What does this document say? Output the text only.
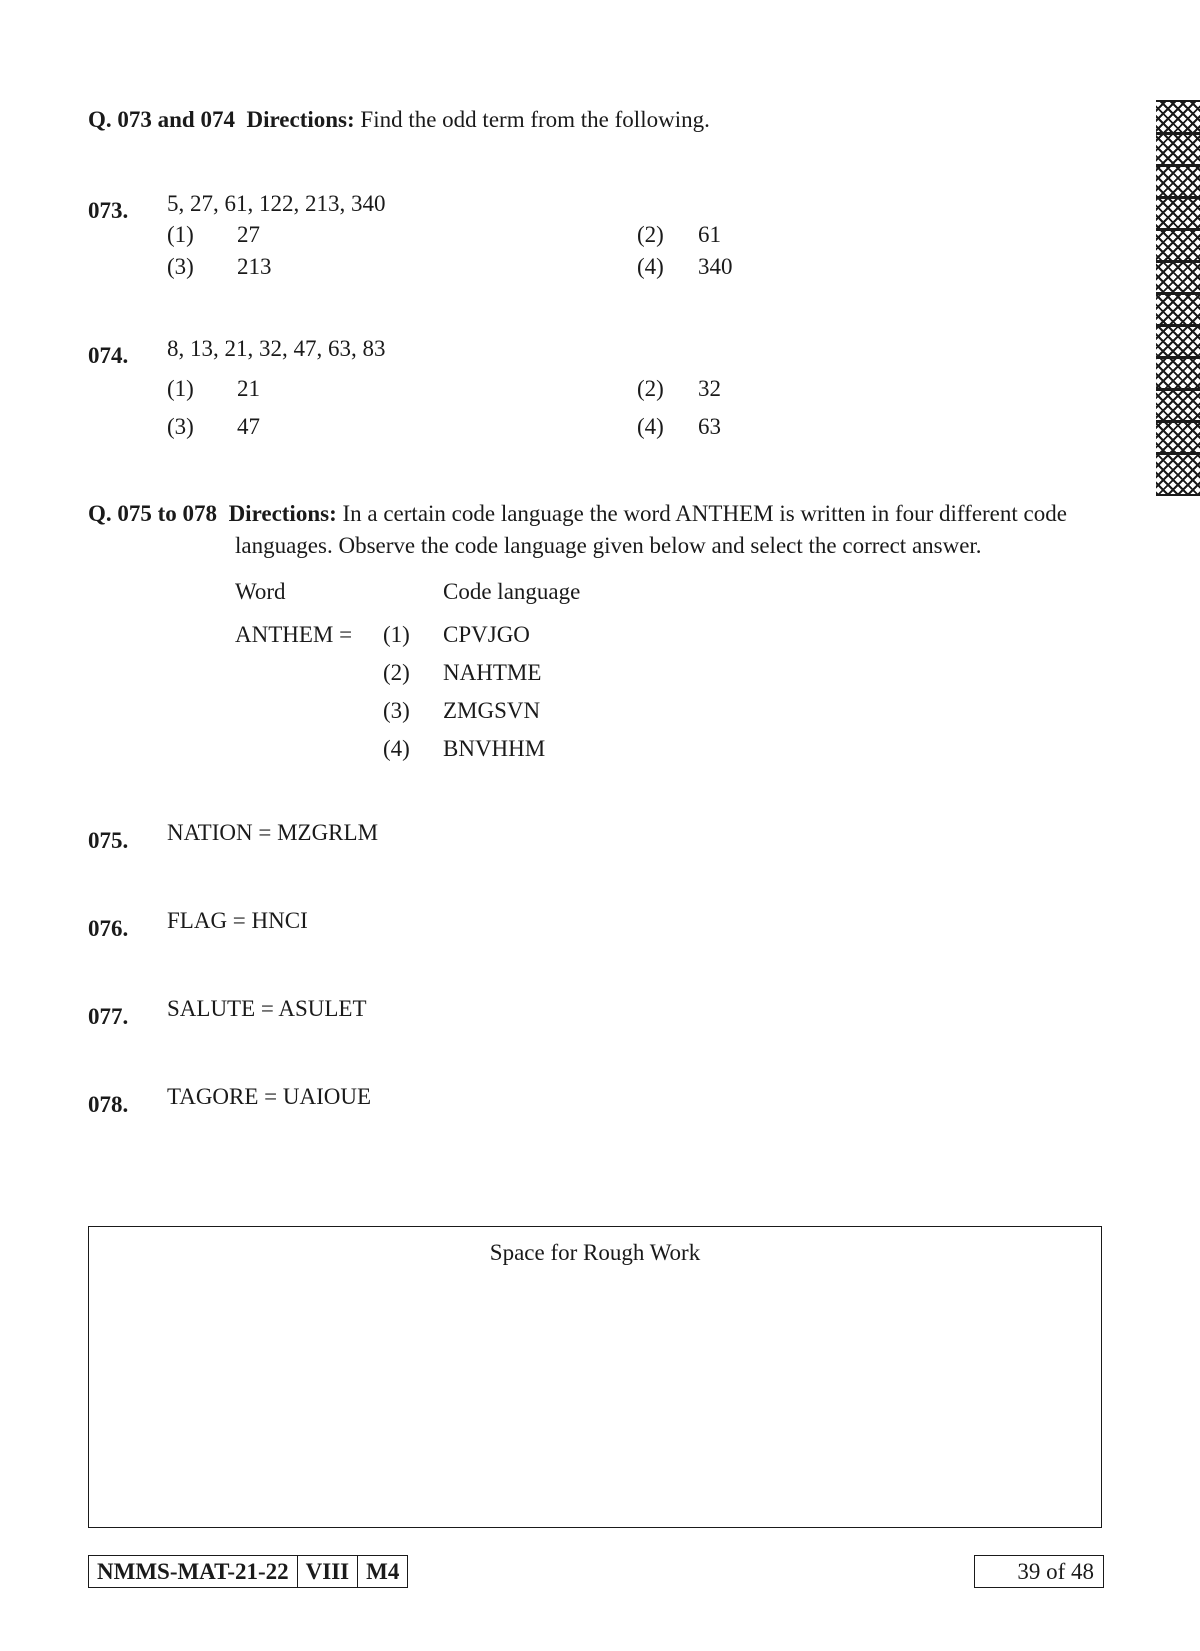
Q. 073 and 074 Directions: Find the odd term from the following.
073. 5, 27, 61, 122, 213, 340
(1) 27	(2) 61
(3) 213	(4) 340
074. 8, 13, 21, 32, 47, 63, 83
(1) 21	(2) 32
(3) 47	(4) 63
Q. 075 to 078 Directions: In a certain code language the word ANTHEM is written in four different code
languages. Observe the code language given below and select the correct answer.
Word	Code language
ANTHEM = (1) CPVJGO
(2) NAHTME
(3) ZMGSVN
(4) BNVHHM
075. NATION = MZGRLM
076. FLAG = HNCI
077. SALUTE = ASULET
078. TAGORE = UAIOUE
Space for Rough Work
NMMS-MAT-21-22 VIII M4	39 of 48
